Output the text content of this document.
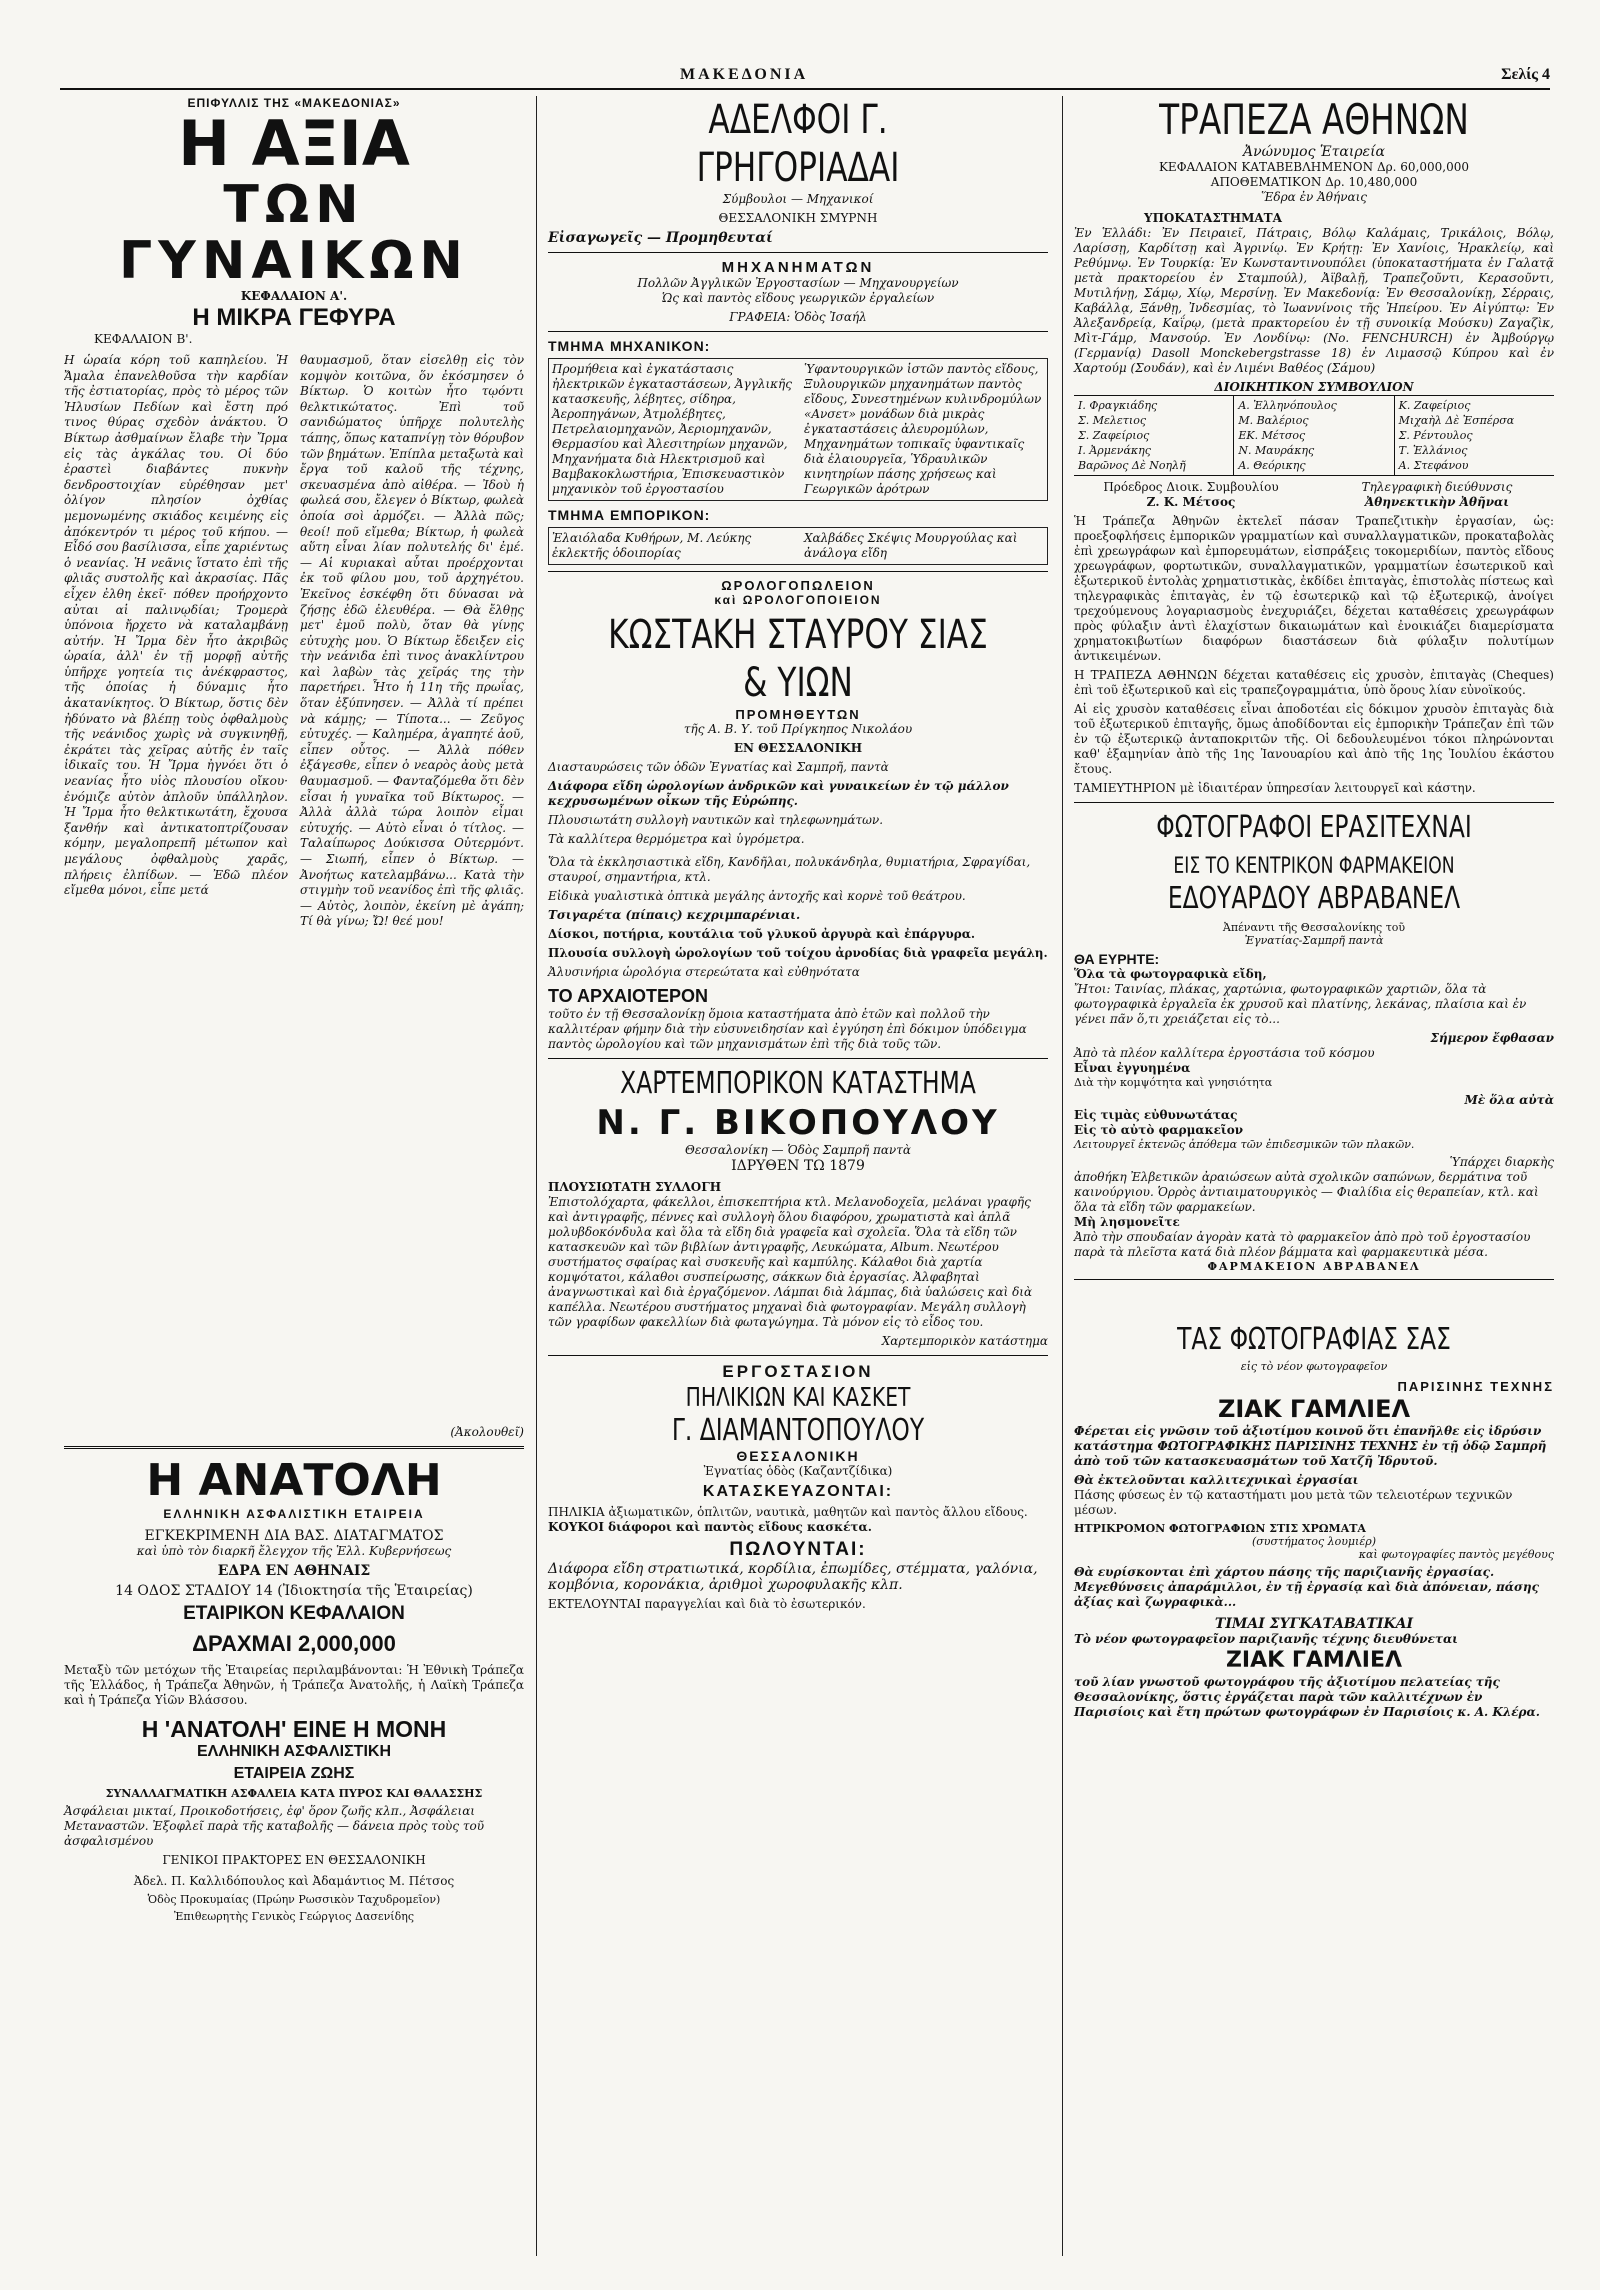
ΜΑΚΕΔΟΝΙΑ	Σελίς 4
ΕΠΙΦΥΛΛΙΣ ΤΗΣ «ΜΑΚΕΔΟΝΙΑΣ»
Η ΑΞΙΑ
ΤΩΝ ΓΥΝΑΙΚΩΝ
ΚΕΦΑΛΑΙΟΝ Α'.
Η ΜΙΚΡΑ ΓΕΦΥΡΑ
ΚΕΦΑΛΑΙΟΝ Β'.
Η ὡραία κόρη τοῦ καπηλείου. Ἡ Ἄμαλα ἐπανελθοῦσα τὴν καρδίαν τῆς ἐστιατορίας, πρὸς τὸ μέρος τῶν Ἠλυσίων Πεδίων καὶ ἔστη πρό τινος θύρας σχεδὸν ἀνάκτου. Ὁ Βίκτωρ ἀσθμαίνων ἔλαβε τὴν Ἴρμα εἰς τὰς ἀγκάλας του. Οἱ δύο ἐραστεὶ διαβάντες πυκνὴν δενδροστοιχίαν εὑρέθησαν μετ' ὀλίγον πλησίον ὀχθίας μεμονωμένης σκιάδος κειμένης εἰς ἀπόκεντρόν τι μέρος τοῦ κήπου. — Εἶδό σου βασίλισσα, εἶπε χαριέντως ὁ νεανίας. Ἡ νεᾶνις ἵστατο ἐπὶ τῆς φλιᾶς συστολῆς καὶ ἀκρασίας. Πᾶς εἶχεν ἐλθη ἐκεῖ· πόθεν προήρχοντο αὐται αἱ παλινῳδίαι; Τρομερὰ ὑπόνοια ἤρχετο νὰ καταλαμβάνῃ αὐτήν. Ἡ Ἴρμα δὲν ἦτο ἀκριβῶς ὡραία, ἀλλ' ἐν τῇ μορφῇ αὐτῆς ὑπῆρχε γοητεία τις ἀνέκφραστος, τῆς ὁποίας ἡ δύναμις ἦτο ἀκατανίκητος. Ὁ Βίκτωρ, ὅστις δὲν ἠδύνατο νὰ βλέπῃ τοὺς ὀφθαλμοὺς τῆς νεάνιδος χωρὶς νὰ συγκινηθῇ, ἐκράτει τὰς χεῖρας αὐτῆς ἐν ταῖς ἰδικαῖς του. Ἡ Ἴρμα ἠγνόει ὅτι ὁ νεανίας ἦτο υἱὸς πλουσίου οἴκου· ἐνόμιζε αὐτὸν ἁπλοῦν ὑπάλληλον. Ἡ Ἴρμα ἦτο θελκτικωτάτη, ἔχουσα ξανθήν καὶ ἀντικατοπτρίζουσαν κόμην, μεγαλοπρεπῆ μέτωπον καὶ μεγάλους ὀφθαλμοὺς χαρᾶς, πλήρεις ἐλπίδων. — Ἐδῶ πλέον εἴμεθα μόνοι, εἶπε μετά
θαυμασμοῦ, ὅταν εἰσελθῃ εἰς τὸν κομψὸν κοιτῶνα, ὅν ἐκόσμησεν ὁ Βίκτωρ. Ὁ κοιτὼν ἦτο τῳόντι θελκτικώτατος. Ἐπὶ τοῦ σανιδώματος ὑπῆρχε πολυτελὴς τάπης, ὅπως καταπνίγῃ τὸν θόρυβον τῶν βημάτων. Ἐπίπλα μεταξωτὰ καὶ ἔργα τοῦ καλοῦ τῆς τέχνης, σκευασμένα ἀπὸ αἰθέρα. — Ἰδοὺ ἡ φωλεά σου, ἔλεγεν ὁ Βίκτωρ, φωλεὰ ὁποία σοὶ ἀρμόζει. — Ἀλλὰ πῶς; θεοί! ποῦ εἴμεθα; Βίκτωρ, ἡ φωλεὰ αὕτη εἶναι λίαν πολυτελής δι' ἐμέ. — Αἱ κυριακαὶ αὗται προέρχονται ἐκ τοῦ φίλου μου, τοῦ ἀρχηγέτου. Ἐκεῖνος ἐσκέφθη ὅτι δύνασαι νὰ ζήσῃς ἐδῶ ἐλευθέρα. — Θὰ ἔλθῃς μετ' ἐμοῦ πολὺ, ὅταν θὰ γίνῃς εὐτυχὴς μου. Ὁ Βίκτωρ ἔδειξεν εἰς τὴν νεάνιδα ἐπὶ τινος ἀνακλίντρου καὶ λαβὼν τὰς χεῖράς της τὴν παρετήρει. Ἦτο ἡ 11η τῆς πρωΐας, ὅταν ἐξύπνησεν. — Ἀλλὰ τί πρέπει νὰ κάμῃς; — Τίποτα... — Ζεῦγος εὐτυχές. — Καλημέρα, ἀγαπητέ ἀοῦ, εἶπεν οὗτος. — Ἀλλὰ πόθεν ἐξάγεσθε, εἶπεν ὁ νεαρὸς ἀοὺς μετὰ θαυμασμοῦ. — Φανταζόμεθα ὅτι δὲν εἶσαι ἡ γυναῖκα τοῦ Βίκτωρος. — Ἀλλὰ ἀλλὰ τώρα λοιπὸν εἶμαι εὐτυχής. — Αὐτὸ εἶναι ὁ τίτλος. — Ταλαίπωρος Δούκισσα Οὐτερμόντ. — Σιωπή, εἶπεν ὁ Βίκτωρ. — Ἀνοήτως κατελαμβάνω... Κατὰ τὴν στιγμὴν τοῦ νεανίδος ἐπὶ τῆς φλιᾶς. — Αὐτὸς, λοιπὸν, ἐκείνη μὲ ἀγάπη; Τί θὰ γίνω; Ὤ! θεέ μου!
(Ἀκολουθεῖ)
Η ΑΝΑΤΟΛΗ
ΕΛΛΗΝΙΚΗ ΑΣΦΑΛΙΣΤΙΚΗ ΕΤΑΙΡΕΙΑ
ΕΓΚΕΚΡΙΜΕΝΗ ΔΙΑ ΒΑΣ. ΔΙΑΤΑΓΜΑΤΟΣ
καὶ ὑπὸ τὸν διαρκῆ ἔλεγχον τῆς Ἑλλ. Κυβερνήσεως
ΕΔΡΑ ΕΝ ΑΘΗΝΑΙΣ
14 ΟΔΟΣ ΣΤΑΔΙΟΥ 14 (Ἰδιοκτησία τῆς Ἑταιρείας)
ΕΤΑΙΡΙΚΟΝ ΚΕΦΑΛΑΙΟΝ
ΔΡΑΧΜΑΙ 2,000,000
Μεταξὺ τῶν μετόχων τῆς Ἑταιρείας περιλαμβάνονται: Ἡ Ἐθνικὴ Τράπεζα τῆς Ἑλλάδος, ἡ Τράπεζα Ἀθηνῶν, ἡ Τράπεζα Ἀνατολῆς, ἡ Λαϊκὴ Τράπεζα καὶ ἡ Τράπεζα Υἱῶν Βλάσσου.
Η 'ΑΝΑΤΟΛΗ' ΕΙΝΕ Η ΜΟΝΗ
ΕΛΛΗΝΙΚΗ ΑΣΦΑΛΙΣΤΙΚΗ
ΕΤΑΙΡΕΙΑ ΖΩΗΣ
ΣΥΝΑΛΛΑΓΜΑΤΙΚΗ ΑΣΦΑΛΕΙΑ ΚΑΤΑ ΠΥΡΟΣ ΚΑΙ ΘΑΛΑΣΣΗΣ
Ἀσφάλειαι μικταί, Προικοδοτήσεις, ἐφ' ὅρον ζωῆς κλπ., Ἀσφάλειαι Μεταναστῶν. Ἐξοφλεῖ παρὰ τῆς καταβολῆς — δάνεια πρὸς τοὺς τοῦ ἀσφαλισμένου
ΓΕΝΙΚΟΙ ΠΡΑΚΤΟΡΕΣ ΕΝ ΘΕΣΣΑΛΟΝΙΚΗ
Ἀδελ. Π. Καλλιδόπουλος καὶ Ἀδαμάντιος Μ. Πέτσος
Ὁδὸς Προκυμαίας (Πρώην Ρωσσικὸν Ταχυδρομεῖον)
Ἐπιθεωρητὴς Γενικὸς Γεώργιος Δασενίδης
ΑΔΕΛΦΟΙ Γ. ΓΡΗΓΟΡΙΑΔΑΙ
Σύμβουλοι — Μηχανικοί
ΘΕΣΣΑΛΟΝΙΚΗ ΣΜΥΡΝΗ
Εἰσαγωγεῖς — Προμηθευταί
ΜΗΧΑΝΗΜΑΤΩΝ
Πολλῶν Ἀγγλικῶν Ἐργοστασίων — Μηχανουργείων
Ὡς καὶ παντὸς εἴδους γεωργικῶν ἐργαλείων
ΓΡΑΦΕΙΑ: Ὁδὸς Ἰσαήλ
ΤΜΗΜΑ ΜΗΧΑΝΙΚΟΝ:
Προμήθεια καὶ ἐγκατάστασις ἠλεκτρικῶν ἐγκαταστάσεων, Ἀγγλικῆς κατασκευῆς, λέβητες, σίδηρα, Ἀεροπηγάνων, Ἀτμολέβητες, Πετρελαιομηχανῶν, Ἀεριομηχανῶν, Θερμασίου καὶ Ἀλεσιτηρίων μηχανῶν, Μηχανήματα διὰ Ηλεκτρισμοῦ καὶ Βαμβακοκλωστήρια, Ἐπισκευαστικὸν μηχανικὸν τοῦ ἐργοστασίου
Ὑφαντουργικῶν ἱστῶν παντὸς εἴδους, Ξυλουργικῶν μηχανημάτων παντὸς εἴδους, Συνεστημένων κυλινδρομύλων «Ανσετ» μονάδων διὰ μικρὰς ἐγκαταστάσεις ἀλευρομύλων, Μηχανημάτων τοπικαῖς ὑφαντικαῖς διὰ ἐλαιουργεῖα, Ὑδραυλικῶν κινητηρίων πάσης χρήσεως καὶ Γεωργικῶν ἀρότρων
ΤΜΗΜΑ ΕΜΠΟΡΙΚΟΝ:
Ἐλαιόλαδα Κυθήρων, Μ. Λεύκης ἐκλεκτῆς ὁδοιπορίας
Χαλβάδες Σκέψις Μουργούλας καὶ ἀνάλογα εἴδη
ΩΡΟΛΟΓΟΠΩΛΕΙΟΝ
καὶ ΩΡΟΛΟΓΟΠΟΙΕΙΟΝ
ΚΩΣΤΑΚΗ ΣΤΑΥΡΟΥ ΣΙΑΣ & ΥΙΩΝ
ΠΡΟΜΗΘΕΥΤΩΝ
τῆς Α. Β. Υ. τοῦ Πρίγκηπος Νικολάου
ΕΝ ΘΕΣΣΑΛΟΝΙΚΗ
Διασταυρώσεις τῶν ὁδῶν Ἐγνατίας καὶ Σαμπρῆ, παντὰ
Διάφορα εἴδη ὡρολογίων ἀνδρικῶν καὶ γυναικείων ἐν τῷ μάλλον κεχρυσωμένων οἶκων τῆς Εὐρώπης.
Πλουσιωτάτη συλλογὴ ναυτικῶν καὶ τηλεφωνημάτων.
Τὰ καλλίτερα θερμόμετρα καὶ ὑγρόμετρα.
Ὅλα τὰ ἐκκλησιαστικὰ εἴδη, Κανδῆλαι, πολυκάνδηλα, θυμιατήρια, Σφραγίδαι, σταυροί, σημαντήρια, κτλ.
Εἰδικὰ γυαλιστικὰ ὀπτικὰ μεγάλης ἀντοχῆς καὶ κορνὲ τοῦ θεάτρου.
Τσιγαρέτα (πίπαις) κεχριμπαρένιαι.
Δίσκοι, ποτήρια, κουτάλια τοῦ γλυκοῦ ἀργυρὰ καὶ ἐπάργυρα.
Πλουσία συλλογὴ ὡρολογίων τοῦ τοίχου ἀρνοδίας διὰ γραφεῖα μεγάλη.
Ἀλυσινήρια ὡρολόγια στερεώτατα καὶ εὐθηνότατα
ΤΟ ΑΡΧΑΙΟΤΕΡΟΝ
τοῦτο ἐν τῇ Θεσσαλονίκῃ ὅμοια καταστήματα ἀπὸ ἑτῶν καὶ πολλοῦ τὴν καλλιτέραν φήμην διὰ τὴν εὐσυνειδησίαν καὶ ἐγγύηση ἐπὶ δόκιμον ὑπόδειγμα παντὸς ὡρολογίου καὶ τῶν μηχανισμάτων ἐπὶ τῆς διὰ τοῦς τῶν.
ΧΑΡΤΕΜΠΟΡΙΚΟΝ ΚΑΤΑΣΤΗΜΑ
Ν. Γ. ΒΙΚΟΠΟΥΛΟΥ
Θεσσαλονίκη — Ὁδὸς Σαμπρῆ παντὰ
ΙΔΡΥΘΕΝ ΤΩ 1879
ΠΛΟΥΣΙΩΤΑΤΗ ΣΥΛΛΟΓΗ
Ἐπιστολόχαρτα, φάκελλοι, ἐπισκεπτήρια κτλ. Μελανοδοχεῖα, μελάναι γραφῆς καὶ ἀντιγραφῆς, πέννες καὶ συλλογὴ ὅλου διαφόρου, χρωματιστὰ καὶ ἁπλᾶ μολυβδοκόνδυλα καὶ ὅλα τὰ εἴδη διὰ γραφεῖα καὶ σχολεῖα. Ὅλα τὰ εἴδη τῶν κατασκευῶν καὶ τῶν βιβλίων ἀντιγραφῆς, Λευκώματα, Album. Νεωτέρου συστήματος σφαίρας καὶ συσκευῆς καὶ καμπύλης. Κάλαθοι διὰ χαρτία κομψότατοι, κάλαθοι συσπείρωσης, σάκκων διὰ ἐργασίας. Ἀλφαβηταὶ ἀναγνωστικαὶ καὶ διὰ ἐργαζόμενον. Λάμπαι διὰ λάμπας, διὰ ὑαλώσεις καὶ διὰ καπέλλα. Νεωτέρου συστήματος μηχαναὶ διὰ φωτογραφίαν. Μεγάλη συλλογὴ τῶν γραφίδων φακελλίων διὰ φωταγώγημα. Τὰ μόνον εἰς τὸ εἶδος του.
Χαρτεμπορικὸν κατάστημα
ΕΡΓΟΣΤΑΣΙΟΝ
ΠΗΛΙΚΙΩΝ ΚΑΙ ΚΑΣΚΕΤ
Γ. ΔΙΑΜΑΝΤΟΠΟΥΛΟΥ
ΘΕΣΣΑΛΟΝΙΚΗ
Ἐγνατίας ὁδὸς (Καζαντζίδικα)
ΚΑΤΑΣΚΕΥΑΖΟΝΤΑΙ:
ΠΗΛΙΚΙΑ ἀξιωματικῶν, ὁπλιτῶν, ναυτικὰ, μαθητῶν καὶ παντὸς ἄλλου εἴδους.
ΚΟΥΚΟΙ διάφοροι καὶ παντὸς εἴδους κασκέτα.
ΠΩΛΟΥΝΤΑΙ:
Διάφορα εἴδη στρατιωτικά, κορδίλια, ἐπωμίδες, στέμματα, γαλόνια, κομβόνια, κορονάκια, ἀριθμοὶ χωροφυλακῆς κλπ.
ΕΚΤΕΛΟΥΝΤΑΙ παραγγελίαι καὶ διὰ τὸ ἐσωτερικόν.
ΤΡΑΠΕΖΑ ΑΘΗΝΩΝ
Ἀνώνυμος Ἑταιρεία
ΚΕΦΑΛΑΙΟΝ ΚΑΤΑΒΕΒΛΗΜΕΝΟΝ Δρ. 60,000,000
ΑΠΟΘΕΜΑΤΙΚΟΝ Δρ. 10,480,000
Ἕδρα ἐν Ἀθήναις
ΥΠΟΚΑΤΑΣΤΗΜΑΤΑ
Ἐν Ἑλλάδι: Ἐν Πειραιεῖ, Πάτραις, Βόλῳ Καλάμαις, Τρικάλοις, Βόλῳ, Λαρίσσῃ, Καρδίτσῃ καὶ Ἀγρινίῳ. Ἐν Κρήτῃ: Ἐν Χανίοις, Ἡρακλείῳ, καὶ Ρεθύμνῳ. Ἐν Τουρκίᾳ: Ἐν Κωνσταντινουπόλει (ὑποκαταστήματα ἐν Γαλατᾷ μετὰ πρακτορείου ἐν Σταμπούλ), Ἀϊβαλῇ, Τραπεζοῦντι, Κερασοῦντι, Μυτιλήνῃ, Σάμῳ, Χίῳ, Μερσίνῃ. Ἐν Μακεδονίᾳ: Ἐν Θεσσαλονίκῃ, Σέρραις, Καβάλλᾳ, Ξάνθῃ, Ἰνδεσμίας, τὸ Ἰωαννίνοις τῆς Ἠπείρου. Ἐν Αἰγύπτῳ: Ἐν Ἀλεξανδρείᾳ, Καΐρῳ, (μετὰ πρακτορείου ἐν τῇ συνοικίᾳ Μούσκυ) Ζαγαζὶκ, Μὶτ-Γάμρ, Μανσούρ. Ἐν Λονδίνῳ: (No. FENCHURCH) ἐν Ἀμβούργῳ (Γερμανίᾳ) Dasoll Monckebergstrasse 18) ἐν Λιμασσῷ Κύπρου καὶ ἐν Χαρτούμ (Σουδάν), καὶ ἐν Λιμένι Βαθέος (Σάμου)
ΔΙΟΙΚΗΤΙΚΟΝ ΣΥΜΒΟΥΛΙΟΝ
Ι. Φραγκιάδης
Σ. Μελετιος
Σ. Ζαφείριος
Ι. Ἀρμενάκης
Βαρῶνος Δὲ Νοηλῆ
Α. Ἐλληνόπουλος
Μ. Βαλέριος
ΕΚ. Μέτσος
Ν. Μαυράκης
Α. Θεόρικης
Κ. Ζαφείριος
Μιχαὴλ Δὲ Ἐσπέρσα
Σ. Ρέντουλος
Τ. Ἑλλάνιος
Α. Στεφάνου
Πρόεδρος Διοικ. Συμβουλίου
Ζ. Κ. Μέτσος
Τηλεγραφικὴ διεύθυνσις
Ἀθηνεκτικὴν Ἀθῆναι
Ἡ Τράπεζα Ἀθηνῶν ἐκτελεῖ πάσαν Τραπεζιτικὴν ἐργασίαν, ὡς: προεξοφλήσεις ἐμπορικῶν γραμματίων καὶ συναλλαγματικῶν, προκαταβολὰς ἐπὶ χρεωγράφων καὶ ἐμπορευμάτων, εἰσπράξεις τοκομεριδίων, παντὸς εἴδους χρεωγράφων, φορτωτικῶν, συναλλαγματικῶν, γραμματίων ἐσωτερικοῦ καὶ ἐξωτερικοῦ ἐντολὰς χρηματιστικὰς, ἐκδίδει ἐπιταγὰς, ἐπιστολὰς πίστεως καὶ τηλεγραφικὰς ἐπιταγὰς, ἐν τῷ ἐσωτερικῷ καὶ τῷ ἐξωτερικῷ, ἀνοίγει τρεχούμενους λογαριασμοὺς ἐνεχυριάζει, δέχεται καταθέσεις χρεωγράφων πρὸς φύλαξιν ἀντὶ ἐλαχίστων δικαιωμάτων καὶ ἐνοικιάζει διαμερίσματα χρηματοκιβωτίων διαφόρων διαστάσεων διὰ φύλαξιν πολυτίμων ἀντικειμένων.
Η ΤΡΑΠΕΖΑ ΑΘΗΝΩΝ δέχεται καταθέσεις εἰς χρυσὸν, ἐπιταγὰς (Cheques) ἐπὶ τοῦ ἐξωτερικοῦ καὶ εἰς τραπεζογραμμάτια, ὑπὸ ὅρους λίαν εὐνοϊκούς.
Αἱ εἰς χρυσὸν καταθέσεις εἶναι ἀποδοτέαι εἰς δόκιμον χρυσὸν ἐπιταγὰς διὰ τοῦ ἐξωτερικοῦ ἐπιταγῆς, ὅμως ἀποδίδονται εἰς ἐμπορικὴν Τράπεζαν ἐπὶ τῶν ἐν τῷ ἐξωτερικῷ ἀνταποκριτῶν τῆς. Οἱ δεδουλευμένοι τόκοι πληρώνονται καθ' ἑξαμηνίαν ἀπὸ τῆς 1ης Ἰανουαρίου καὶ ἀπὸ τῆς 1ης Ἰουλίου ἑκάστου ἔτους.
ΤΑΜΙΕΥΤΗΡΙΟΝ μὲ ἰδιαιτέραν ὑπηρεσίαν λειτουργεῖ καὶ κάστην.
ΦΩΤΟΓΡΑΦΟΙ ΕΡΑΣΙΤΕΧΝΑΙ
ΕΙΣ ΤΟ ΚΕΝΤΡΙΚΟΝ ΦΑΡΜΑΚΕΙΟΝ
ΕΔΟΥΑΡΔΟΥ ΑΒΡΑΒΑΝΕΛ
Ἀπέναντι τῆς Θεσσαλονίκης τοῦ
Ἐγνατίας-Σαμπρῆ παντὰ
ΘΑ ΕΥΡΗΤΕ:
Ὅλα τὰ φωτογραφικὰ εἴδη,
Ἤτοι: Ταινίας, πλάκας, χαρτώνια, φωτογραφικῶν χαρτιῶν, ὅλα τὰ φωτογραφικὰ ἐργαλεῖα ἐκ χρυσοῦ καὶ πλατίνης, λεκάνας, πλαίσια καὶ ἐν γένει πᾶν ὅ,τι χρειάζεται εἰς τὸ...
Σήμερον ἔφθασαν
Ἀπὸ τὰ πλέον καλλίτερα ἐργοστάσια τοῦ κόσμου
Εἶναι ἐγγυημένα
Διὰ τὴν κομψότητα καὶ γνησιότητα
Μὲ ὅλα αὐτὰ
Εἰς τιμὰς εὐθυνωτάτας
Εἰς τὸ αὐτὸ φαρμακεῖον
Λειτουργεῖ ἐκτενῶς ἀπόθεμα τῶν ἐπιδεσμικῶν τῶν πλακῶν.
Ὑπάρχει διαρκὴς
ἀποθήκη Ἐλβετικῶν ἀραιώσεων αὐτὰ σχολικῶν σαπώνων, δερμάτινα τοῦ καινούργιου. Ὁρρὸς ἀντιαιματουργικὸς — Φιαλίδια εἰς θεραπείαν, κτλ. καὶ ὅλα τὰ εἴδη τῶν φαρμακείων.
Μὴ λησμονεῖτε
Ἀπὸ τὴν σπουδαίαν ἀγορὰν κατὰ τὸ φαρμακεῖον ἀπὸ πρὸ τοῦ ἐργοστασίου παρὰ τὰ πλεῖστα κατά διὰ πλέον βάμματα καὶ φαρμακευτικὰ μέσα.
ΦΑΡΜΑΚΕΙΟΝ ΑΒΡΑΒΑΝΕΛ
ΤΑΣ ΦΩΤΟΓΡΑΦΙΑΣ ΣΑΣ
εἰς τὸ νέον φωτογραφεῖον
ΠΑΡΙΣΙΝΗΣ ΤΕΧΝΗΣ
ΖΙΑΚ ΓΑΜΛΙΕΛ
Φέρεται εἰς γνῶσιν τοῦ ἀξιοτίμου κοινοῦ ὅτι ἐπανῆλθε εἰς ἰδρύσιν κατάστημα ΦΩΤΟΓΡΑΦΙΚΗΣ ΠΑΡΙΣΙΝΗΣ ΤΕΧΝΗΣ ἐν τῇ ὁδῷ Σαμπρῆ ἀπὸ τοῦ τῶν κατασκευασμάτων τοῦ Χατζῆ Ἰδρυτοῦ.
Θὰ ἐκτελοῦνται καλλιτεχνικαὶ ἐργασίαι
Πάσης φύσεως ἐν τῷ καταστήματι μου μετὰ τῶν τελειοτέρων τεχνικῶν μέσων.
ΗΤΡΙΚΡΟΜΟΝ ΦΩΤΟΓΡΑΦΙΩΝ ΣΤΙΣ ΧΡΩΜΑΤΑ
(συστήματος λουμιέρ)
καὶ φωτογραφίες παντὸς μεγέθους
Θὰ ευρίσκονται ἐπὶ χάρτου πάσης τῆς παριζιανῆς ἐργασίας. Μεγεθύνσεις ἀπαράμιλλοι, ἐν τῇ ἐργασίᾳ καὶ διὰ ἀπόνειαν, πάσης ἀξίας καὶ ζωγραφικὰ...
ΤΙΜΑΙ ΣΥΓΚΑΤΑΒΑΤΙΚΑΙ
Τὸ νέον φωτογραφεῖον παριζιανῆς τέχνης διευθύνεται
ΖΙΑΚ ΓΑΜΛΙΕΛ
τοῦ λίαν γνωστοῦ φωτογράφου τῆς ἀξιοτίμου πελατείας τῆς Θεσσαλονίκης, ὅστις ἐργάζεται παρὰ τῶν καλλιτέχνων ἐν Παρισίοις καὶ ἔτη πρώτων φωτογράφων ἐν Παρισίοις κ. Α. Κλέρα.
